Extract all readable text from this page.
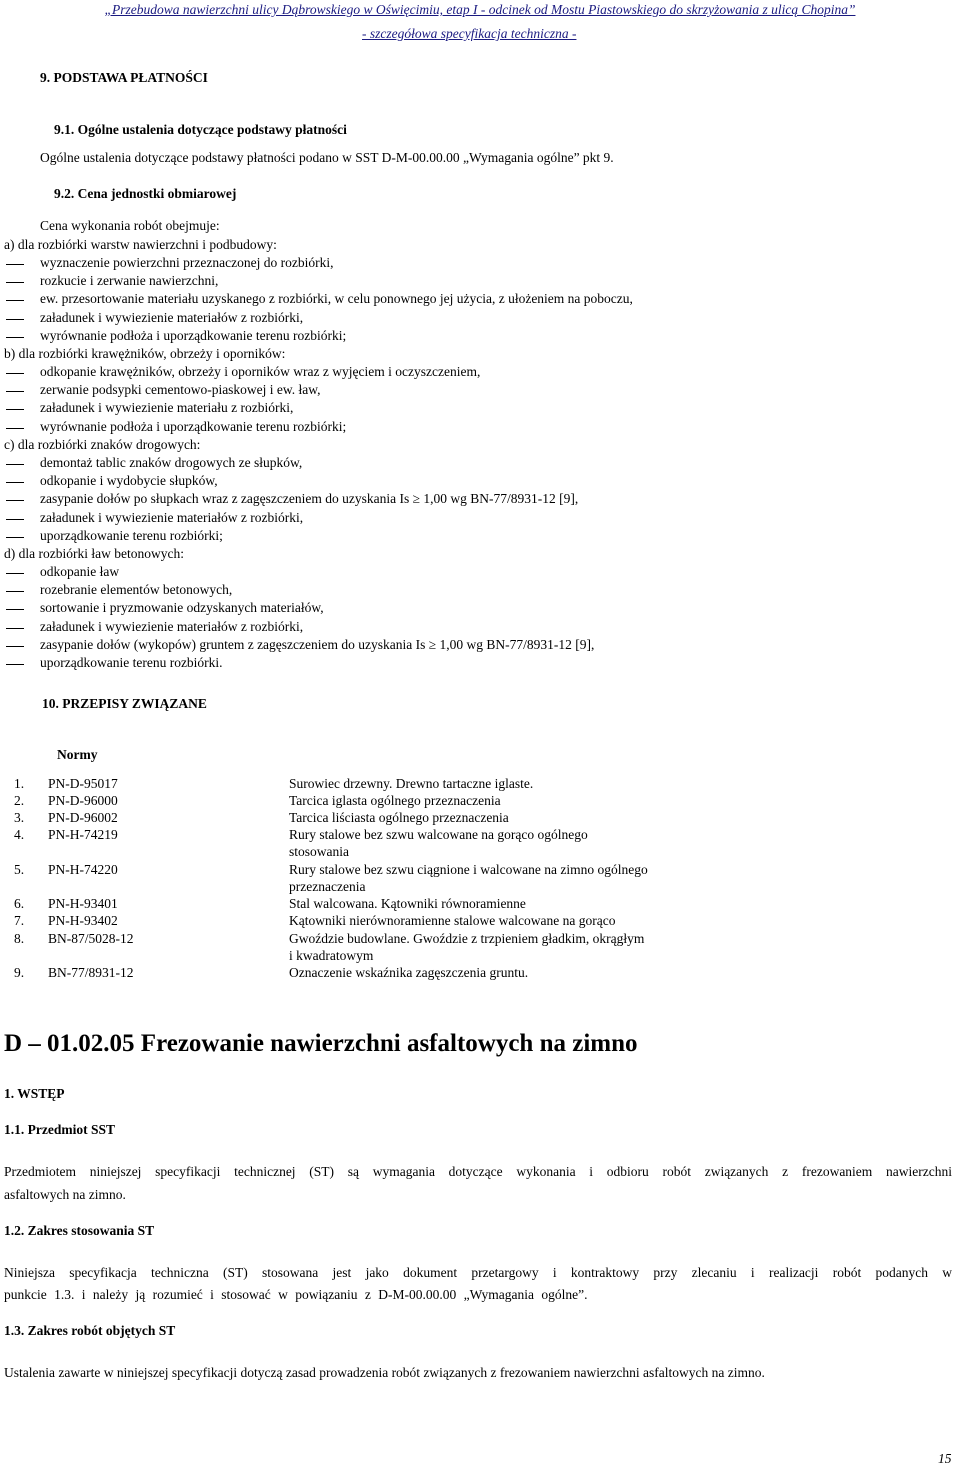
„Przebudowa nawierzchni ulicy Dąbrowskiego w Oświęcimiu, etap I - odcinek od Mostu Piastowskiego do skrzyżowania z ulicą Chopina”
- szczegółowa specyfikacja techniczna -
9. PODSTAWA PŁATNOŚCI
9.1. Ogólne ustalenia dotyczące podstawy płatności
Ogólne ustalenia dotyczące podstawy płatności podano w SST D-M-00.00.00 „Wymagania ogólne” pkt 9.
9.2. Cena jednostki obmiarowej
Cena wykonania robót obejmuje:
a) dla rozbiórki warstw nawierzchni i podbudowy:
wyznaczenie powierzchni przeznaczonej do rozbiórki,
rozkucie i zerwanie nawierzchni,
ew. przesortowanie materiału uzyskanego z rozbiórki, w celu ponownego jej użycia, z ułożeniem na poboczu,
załadunek i wywiezienie materiałów z rozbiórki,
wyrównanie podłoża i uporządkowanie terenu rozbiórki;
b) dla rozbiórki krawężników, obrzeży i oporników:
odkopanie krawężników, obrzeży i oporników wraz z wyjęciem i oczyszczeniem,
zerwanie podsypki cementowo-piaskowej i ew. ław,
załadunek i wywiezienie materiału z rozbiórki,
wyrównanie podłoża i uporządkowanie terenu rozbiórki;
c) dla rozbiórki znaków drogowych:
demontaż tablic znaków drogowych ze słupków,
odkopanie i wydobycie słupków,
zasypanie dołów po słupkach wraz z zagęszczeniem do uzyskania Is ≥ 1,00 wg BN-77/8931-12 [9],
załadunek i wywiezienie materiałów z rozbiórki,
uporządkowanie terenu rozbiórki;
d) dla rozbiórki ław betonowych:
odkopanie ław
rozebranie elementów betonowych,
sortowanie i pryzmowanie odzyskanych materiałów,
załadunek i wywiezienie materiałów z rozbiórki,
zasypanie dołów (wykopów) gruntem z zagęszczeniem do uzyskania Is ≥ 1,00 wg BN-77/8931-12 [9],
uporządkowanie terenu rozbiórki.
10. PRZEPISY ZWIĄZANE
Normy
1. PN-D-95017	Surowiec drzewny. Drewno tartaczne iglaste.
2. PN-D-96000	Tarcica iglasta ogólnego przeznaczenia
3. PN-D-96002	Tarcica liściasta ogólnego przeznaczenia
4. PN-H-74219	Rury stalowe bez szwu walcowane na gorąco ogólnego
stosowania
5. PN-H-74220	Rury stalowe bez szwu ciągnione i walcowane na zimno ogólnego
przeznaczenia
6. PN-H-93401	Stal walcowana. Kątowniki równoramienne
7. PN-H-93402	Kątowniki nierównoramienne stalowe walcowane na gorąco
8. BN-87/5028-12	Gwoździe budowlane. Gwoździe z trzpieniem gładkim, okrągłym
i kwadratowym
9. BN-77/8931-12	Oznaczenie wskaźnika zagęszczenia gruntu.
D – 01.02.05 Frezowanie nawierzchni asfaltowych na zimno
1. WSTĘP
1.1. Przedmiot SST
Przedmiotem niniejszej specyfikacji technicznej (ST) są wymagania dotyczące wykonania i odbioru robót związanych z frezowaniem nawierzchni
asfaltowych na zimno.
1.2. Zakres stosowania ST
Niniejsza specyfikacja techniczna (ST) stosowana jest jako dokument przetargowy i kontraktowy przy zlecaniu i realizacji robót podanych w
punkcie 1.3. i należy ją rozumieć i stosować w powiązaniu z D-M-00.00.00 „Wymagania ogólne”.
1.3. Zakres robót objętych ST
Ustalenia zawarte w niniejszej specyfikacji dotyczą zasad prowadzenia robót związanych z frezowaniem nawierzchni asfaltowych na zimno.
15
